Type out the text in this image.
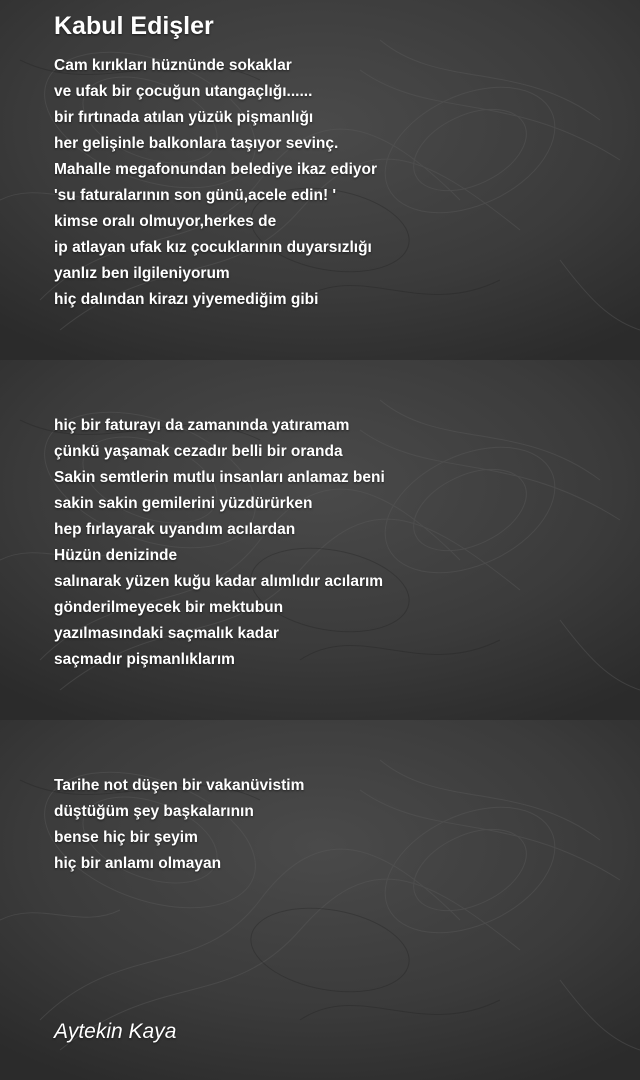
Kabul Edişler
Cam kırıkları hüznünde sokaklar
ve ufak bir çocuğun utangaçlığı......
bir fırtınada atılan yüzük pişmanlığı
her gelişinle balkonlara taşıyor sevinç.
Mahalle megafonundan belediye ikaz ediyor
'su faturalarının son günü,acele edin! '
kimse oralı olmuyor,herkes de
ip atlayan ufak kız çocuklarının duyarsızlığı
yanlız ben ilgileniyorum
hiç dalından kirazı yiyemediğim gibi
hiç bir faturayı da zamanında yatıramam
çünkü yaşamak cezadır belli bir oranda
Sakin semtlerin mutlu insanları anlamaz beni
sakin sakin gemilerini yüzdürürken
hep fırlayarak uyandım acılardan
Hüzün denizinde
salınarak yüzen kuğu kadar alımlıdır acılarım
gönderilmeyecek bir mektubun
yazılmasındaki saçmalık kadar
saçmadır pişmanlıklarım
Tarihe not düşen bir vakanüvistim
düştüğüm şey başkalarının
bense hiç bir şeyim
hiç bir anlamı olmayan

Aytekin Kaya
